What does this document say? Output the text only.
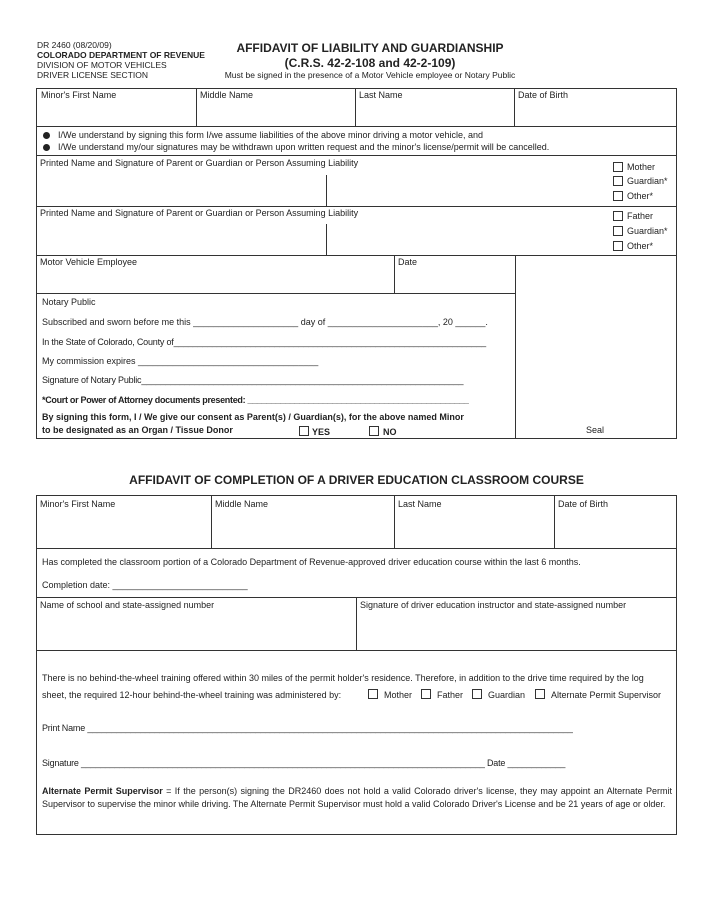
DR 2460 (08/20/09)
COLORADO DEPARTMENT OF REVENUE
DIVISION OF MOTOR VEHICLES
DRIVER LICENSE SECTION
AFFIDAVIT OF LIABILITY AND GUARDIANSHIP
(C.R.S. 42-2-108 and 42-2-109)
Must be signed in the presence of a Motor Vehicle employee or Notary Public
Minor's First Name	Middle Name	Last Name	Date of Birth
I/We understand by signing this form I/we assume liabilities of the above minor driving a motor vehicle, and
I/We understand my/our signatures may be withdrawn upon written request and the minor's license/permit will be cancelled.
Printed Name and Signature of Parent or Guardian or Person Assuming Liability	Mother
Guardian*
Other*
Printed Name and Signature of Parent or Guardian or Person Assuming Liability	Father
Guardian*
Other*
Motor Vehicle Employee	Date
Notary Public
Subscribed and sworn before me this _____________________ day of ______________________, 20 ______.
In the State of Colorado, County of_________________________________________________________________
My commission expires ____________________________________
Signature of Notary Public___________________________________________________________________
*Court or Power of Attorney documents presented: _______________________________________________
By signing this form, I / We give our consent as Parent(s) / Guardian(s), for the above named Minor
to be designated as an Organ / Tissue Donor	YES	NO	Seal
AFFIDAVIT OF COMPLETION OF A DRIVER EDUCATION CLASSROOM COURSE
Minor's First Name	Middle Name	Last Name	Date of Birth
Has completed the classroom portion of a Colorado Department of Revenue-approved driver education course within the last 6 months.
Completion date: ___________________________
Name of school and state-assigned number	Signature of driver education instructor and state-assigned number
There is no behind-the-wheel training offered within 30 miles of the permit holder's residence. Therefore, in addition to the drive time required by the log
sheet, the required 12-hour behind-the-wheel training was administered by:	Mother	Father	Guardian	Alternate Permit Supervisor
Print Name _____________________________________________________________________________________________________
Signature ____________________________________________________________________________________ Date ____________
Alternate Permit Supervisor = If the person(s) signing the DR2460 does not hold a valid Colorado driver's license, they may appoint an Alternate Permit Supervisor to supervise the minor while driving. The Alternate Permit Supervisor must hold a valid Colorado Driver's License and be 21 years of age or older.
